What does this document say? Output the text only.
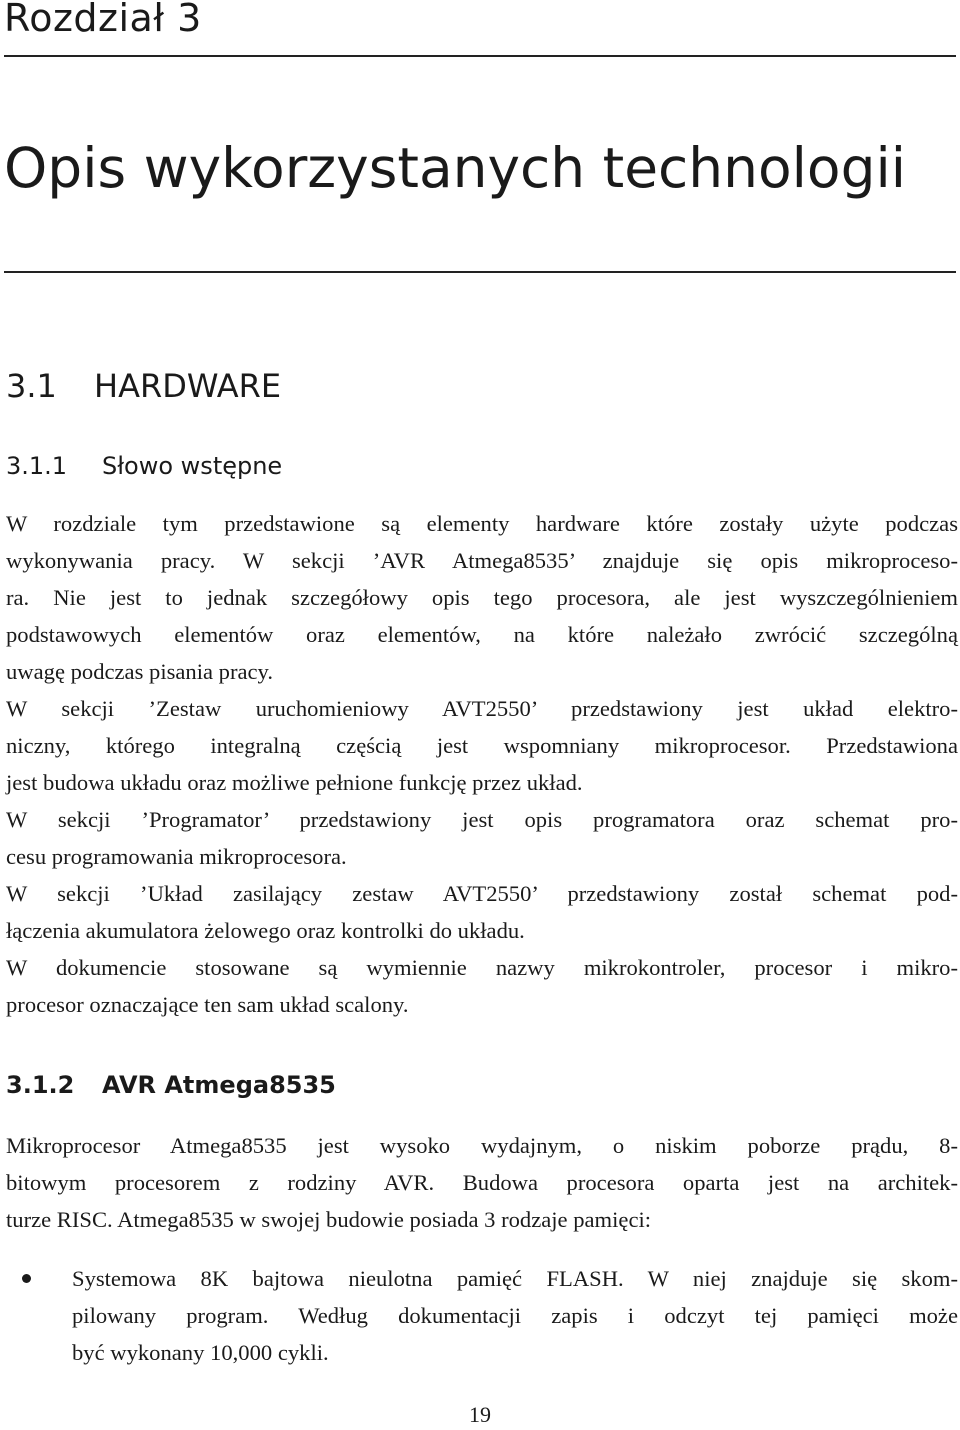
Rozdział 3
Opis wykorzystanych technologii
3.1 HARDWARE
3.1.1 Słowo wstępne
W rozdziale tym przedstawione są elementy hardware które zostały użyte podczas
wykonywania pracy. W sekcji ’AVR Atmega8535’ znajduje się opis mikroproceso-
ra. Nie jest to jednak szczegółowy opis tego procesora, ale jest wyszczególnieniem
podstawowych elementów oraz elementów, na które należało zwrócić szczególną
uwagę podczas pisania pracy.
W sekcji ’Zestaw uruchomieniowy AVT2550’ przedstawiony jest układ elektro-
niczny, którego integralną częścią jest wspomniany mikroprocesor. Przedstawiona
jest budowa układu oraz możliwe pełnione funkcję przez układ.
W sekcji ’Programator’ przedstawiony jest opis programatora oraz schemat pro-
cesu programowania mikroprocesora.
W sekcji ’Układ zasilający zestaw AVT2550’ przedstawiony został schemat pod-
łączenia akumulatora żelowego oraz kontrolki do układu.
W dokumencie stosowane są wymiennie nazwy mikrokontroler, procesor i mikro-
procesor oznaczające ten sam układ scalony.
3.1.2 AVR Atmega8535
Mikroprocesor Atmega8535 jest wysoko wydajnym, o niskim poborze prądu, 8-
bitowym procesorem z rodziny AVR. Budowa procesora oparta jest na architek-
turze RISC. Atmega8535 w swojej budowie posiada 3 rodzaje pamięci:
Systemowa 8K bajtowa nieulotna pamięć FLASH. W niej znajduje się skom-
pilowany program. Według dokumentacji zapis i odczyt tej pamięci może
być wykonany 10,000 cykli.
19
